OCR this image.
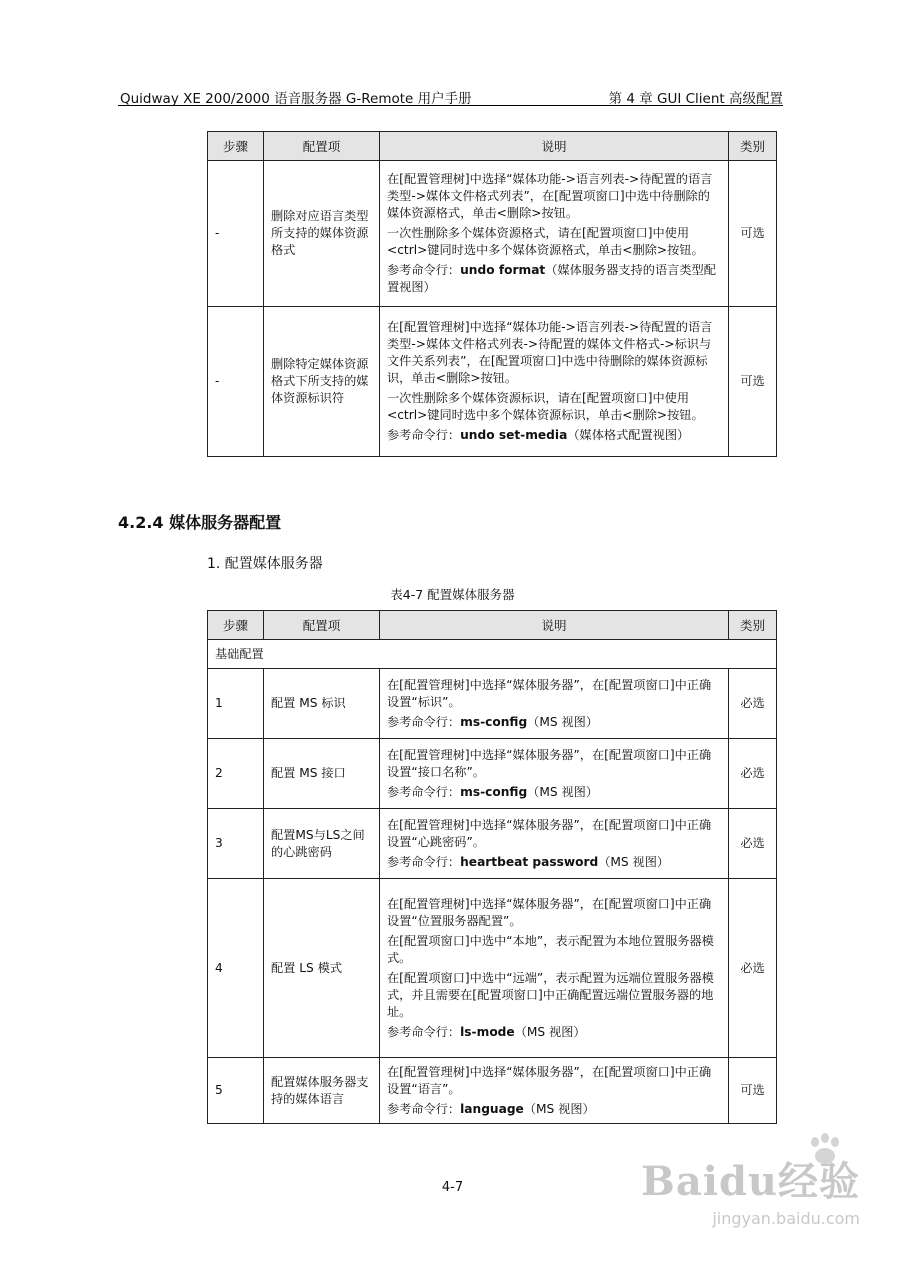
Quidway XE 200/2000 语音服务器 G-Remote 用户手册	第 4 章 GUI Client 高级配置
步骤	配置项	说明	类别
-	删除对应语言类型所支持的媒体资源格式	在[配置管理树]中选择“媒体功能->语言列表->待配置的语言类型->媒体文件格式列表”，在[配置项窗口]中选中待删除的媒体资源格式，单击<删除>按钮。

一次性删除多个媒体资源格式，请在[配置项窗口]中使用<ctrl>键同时选中多个媒体资源格式，单击<删除>按钮。

参考命令行：undo format（媒体服务器支持的语言类型配置视图）	可选
-	删除特定媒体资源格式下所支持的媒体资源标识符	在[配置管理树]中选择“媒体功能->语言列表->待配置的语言类型->媒体文件格式列表->待配置的媒体文件格式->标识与文件关系列表”，在[配置项窗口]中选中待删除的媒体资源标识，单击<删除>按钮。

一次性删除多个媒体资源标识，请在[配置项窗口]中使用<ctrl>键同时选中多个媒体资源标识，单击<删除>按钮。

参考命令行：undo set-media（媒体格式配置视图）	可选
4.2.4 媒体服务器配置
1. 配置媒体服务器
表4-7 配置媒体服务器
步骤	配置项	说明	类别
基础配置			
1	配置 MS 标识	在[配置管理树]中选择“媒体服务器”，在[配置项窗口]中正确设置“标识”。

参考命令行：ms-config（MS 视图）	必选
2	配置 MS 接口	在[配置管理树]中选择“媒体服务器”，在[配置项窗口]中正确设置“接口名称”。

参考命令行：ms-config（MS 视图）	必选
3	配置MS与LS之间的心跳密码	在[配置管理树]中选择“媒体服务器”，在[配置项窗口]中正确设置“心跳密码”。

参考命令行：heartbeat password（MS 视图）	必选
4	配置 LS 模式	在[配置管理树]中选择“媒体服务器”，在[配置项窗口]中正确设置“位置服务器配置”。

在[配置项窗口]中选中“本地”，表示配置为本地位置服务器模式。

在[配置项窗口]中选中“远端”，表示配置为远端位置服务器模式，并且需要在[配置项窗口]中正确配置远端位置服务器的地址。

参考命令行：ls-mode（MS 视图）	必选
5	配置媒体服务器支持的媒体语言	在[配置管理树]中选择“媒体服务器”，在[配置项窗口]中正确设置“语言”。

参考命令行：language（MS 视图）	可选
4-7	Baidu经验
jingyan.baidu.com
